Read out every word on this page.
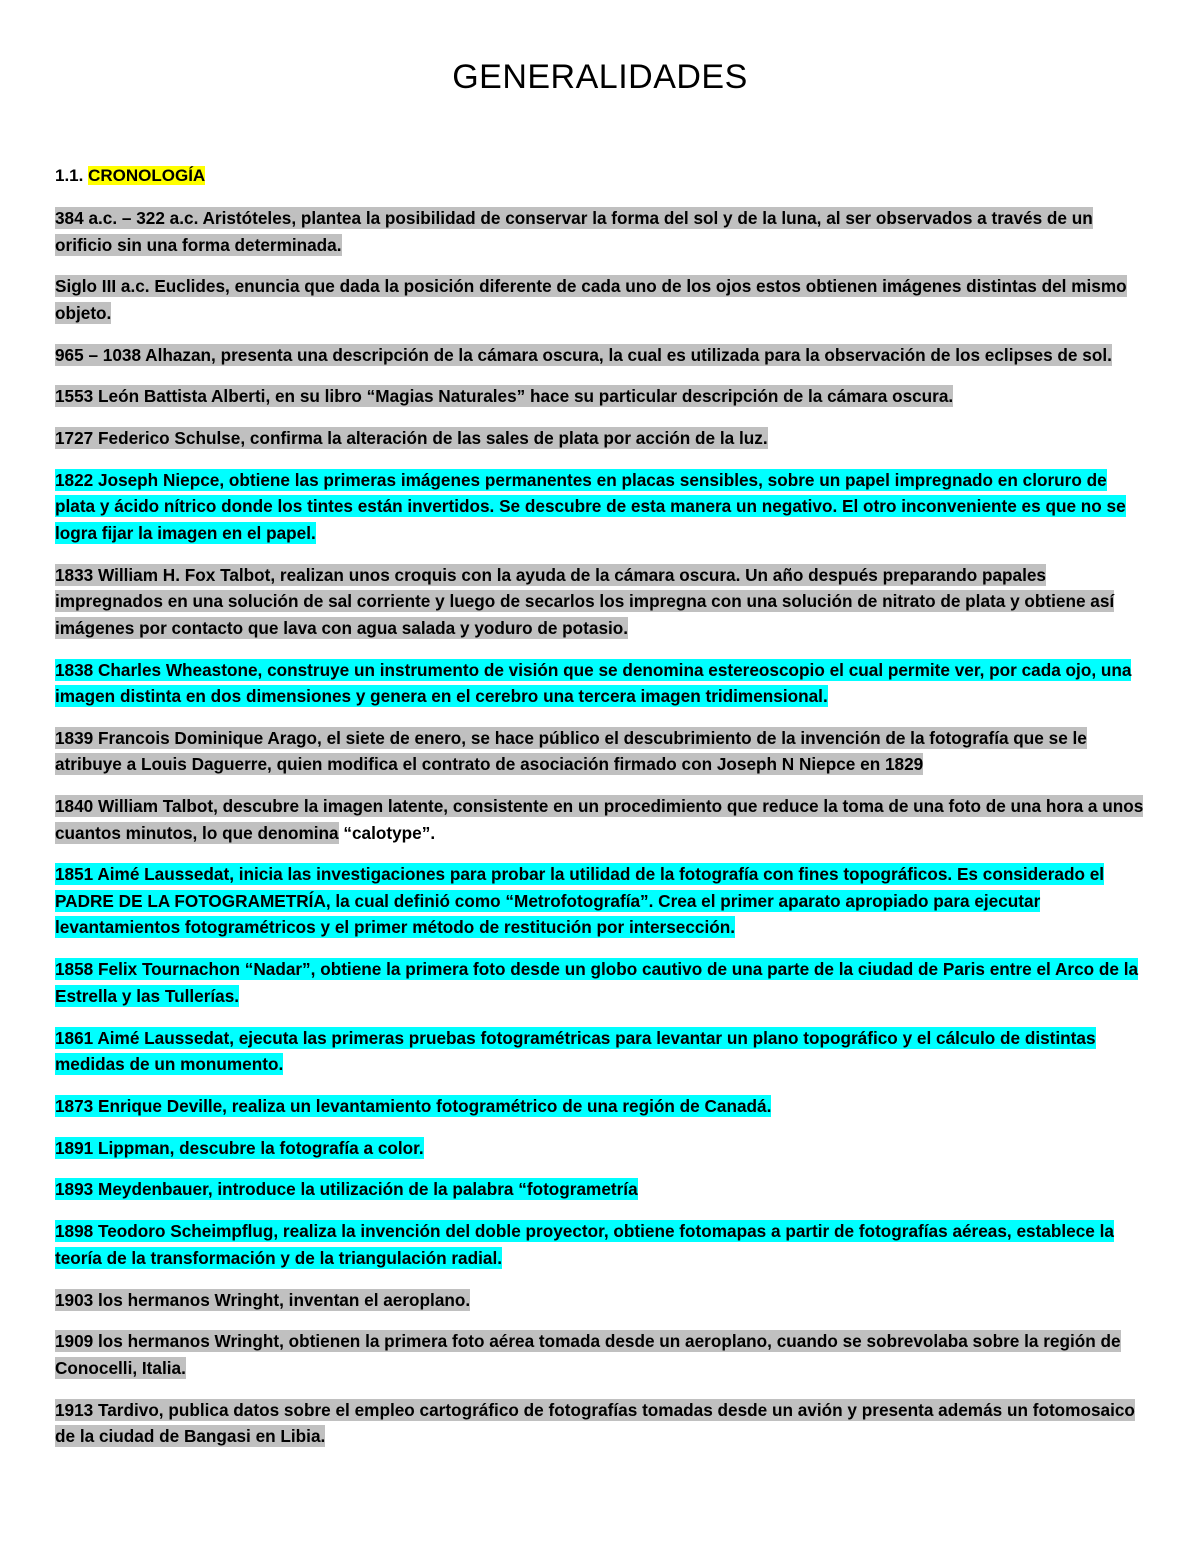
GENERALIDADES

1.1. CRONOLOGÍA

384 a.c. – 322 a.c. Aristóteles, plantea la posibilidad de conservar la forma del sol y de la luna, al ser observados a través de un orificio sin una forma determinada.

Siglo III a.c. Euclides, enuncia que dada la posición diferente de cada uno de los ojos estos obtienen imágenes distintas del mismo objeto.

965 – 1038 Alhazan, presenta una descripción de la cámara oscura, la cual es utilizada para la observación de los eclipses de sol.

1553 León Battista Alberti, en su libro “Magias Naturales” hace su particular descripción de la cámara oscura.

1727 Federico Schulse, confirma la alteración de las sales de plata por acción de la luz.

1822 Joseph Niepce, obtiene las primeras imágenes permanentes en placas sensibles, sobre un papel impregnado en cloruro de plata y ácido nítrico donde los tintes están invertidos. Se descubre de esta manera un negativo. El otro inconveniente es que no se logra fijar la imagen en el papel.

1833 William H. Fox Talbot, realizan unos croquis con la ayuda de la cámara oscura. Un año después preparando papales impregnados en una solución de sal corriente y luego de secarlos los impregna con una solución de nitrato de plata y obtiene así imágenes por contacto que lava con agua salada y yoduro de potasio.

1838 Charles Wheastone, construye un instrumento de visión que se denomina estereoscopio el cual permite ver, por cada ojo, una imagen distinta en dos dimensiones y genera en el cerebro una tercera imagen tridimensional.

1839 Francois Dominique Arago, el siete de enero, se hace público el descubrimiento de la invención de la fotografía que se le atribuye a Louis Daguerre, quien modifica el contrato de asociación firmado con Joseph N Niepce en 1829

1840 William Talbot, descubre la imagen latente, consistente en un procedimiento que reduce la toma de una foto de una hora a unos cuantos minutos, lo que denomina “calotype”.

1851 Aimé Laussedat, inicia las investigaciones para probar la utilidad de la fotografía con fines topográficos. Es considerado el PADRE DE LA FOTOGRAMETRÍA, la cual definió como “Metrofotografía”. Crea el primer aparato apropiado para ejecutar levantamientos fotogramétricos y el primer método de restitución por intersección.

1858 Felix Tournachon “Nadar”, obtiene la primera foto desde un globo cautivo de una parte de la ciudad de Paris entre el Arco de la Estrella y las Tullerías.

1861 Aimé Laussedat, ejecuta las primeras pruebas fotogramétricas para levantar un plano topográfico y el cálculo de distintas medidas de un monumento.

1873 Enrique Deville, realiza un levantamiento fotogramétrico de una región de Canadá.

1891 Lippman, descubre la fotografía a color.

1893 Meydenbauer, introduce la utilización de la palabra “fotogrametría

1898 Teodoro Scheimpflug, realiza la invención del doble proyector, obtiene fotomapas a partir de fotografías aéreas, establece la teoría de la transformación y de la triangulación radial.

1903 los hermanos Wringht, inventan el aeroplano.

1909 los hermanos Wringht, obtienen la primera foto aérea tomada desde un aeroplano, cuando se sobrevolaba sobre la región de Conocelli, Italia.

1913 Tardivo, publica datos sobre el empleo cartográfico de fotografías tomadas desde un avión y presenta además un fotomosaico de la ciudad de Bangasi en Libia.
